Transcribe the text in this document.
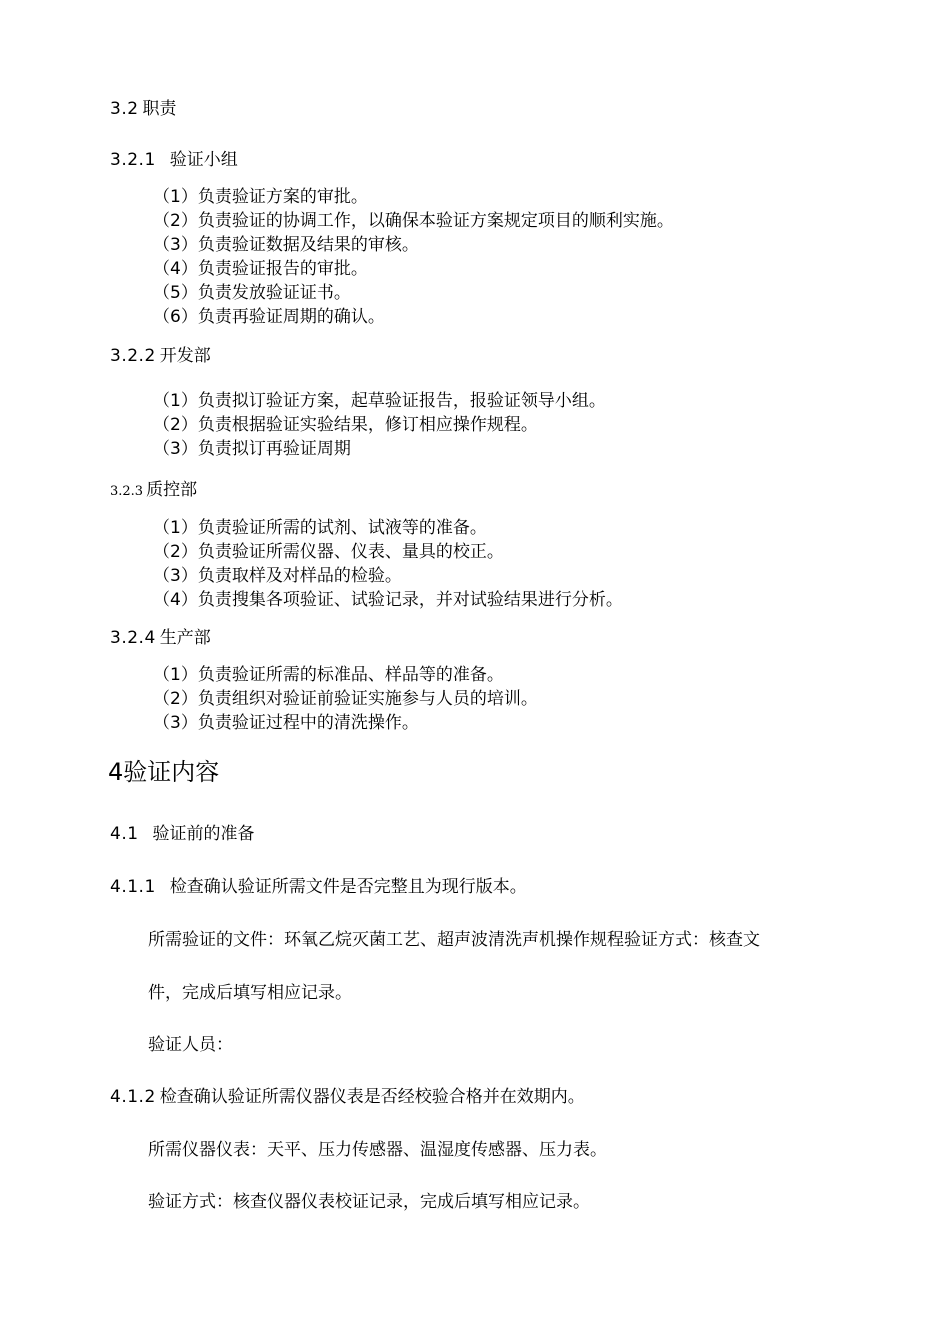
3.2 职责
3.2.1 验证小组
（1）负责验证方案的审批。
（2）负责验证的协调工作，以确保本验证方案规定项目的顺利实施。
（3）负责验证数据及结果的审核。
（4）负责验证报告的审批。
（5）负责发放验证证书。
（6）负责再验证周期的确认。
3.2.2 开发部
（1）负责拟订验证方案，起草验证报告，报验证领导小组。
（2）负责根据验证实验结果，修订相应操作规程。
（3）负责拟订再验证周期
3.2.3 质控部
（1）负责验证所需的试剂、试液等的准备。
（2）负责验证所需仪器、仪表、量具的校正。
（3）负责取样及对样品的检验。
（4）负责搜集各项验证、试验记录，并对试验结果进行分析。
3.2.4 生产部
（1）负责验证所需的标准品、样品等的准备。
（2）负责组织对验证前验证实施参与人员的培训。
（3）负责验证过程中的清洗操作。
4验证内容
4.1 验证前的准备
4.1.1 检查确认验证所需文件是否完整且为现行版本。
所需验证的文件：环氧乙烷灭菌工艺、超声波清洗声机操作规程验证方式：核查文
件，完成后填写相应记录。
验证人员：
4.1.2 检查确认验证所需仪器仪表是否经校验合格并在效期内。
所需仪器仪表：天平、压力传感器、温湿度传感器、压力表。
验证方式：核查仪器仪表校证记录，完成后填写相应记录。
